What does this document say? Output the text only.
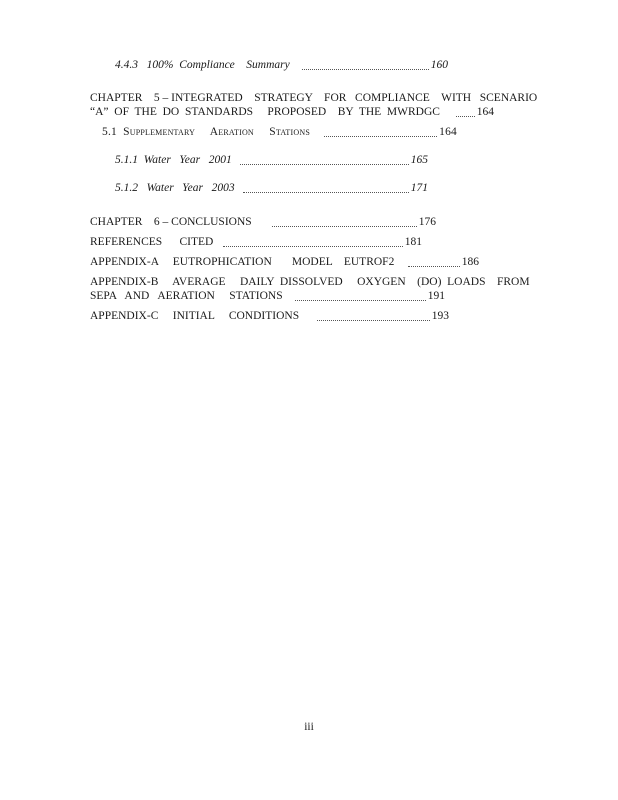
4.4.3   100%  Compliance    Summary	160
CHAPTER    5 – INTEGRATED    STRATEGY    FOR   COMPLIANCE    WITH   SCENARIO
“A”  OF  THE  DO  STANDARDS     PROPOSED    BY  THE  MWRDGC	164
5.1  Supplementary     Aeration     Stations	164
5.1.1  Water   Year   2001	165
5.1.2   Water   Year   2003	171
CHAPTER    6 – CONCLUSIONS	176
REFERENCES      CITED	181
APPENDIX-A     EUTROPHICATION       MODEL    EUTROF2	186
APPENDIX-B     AVERAGE     DAILY  DISSOLVED     OXYGEN    (DO)  LOADS    FROM
SEPA   AND   AERATION     STATIONS	191
APPENDIX-C     INITIAL     CONDITIONS	193
iii
